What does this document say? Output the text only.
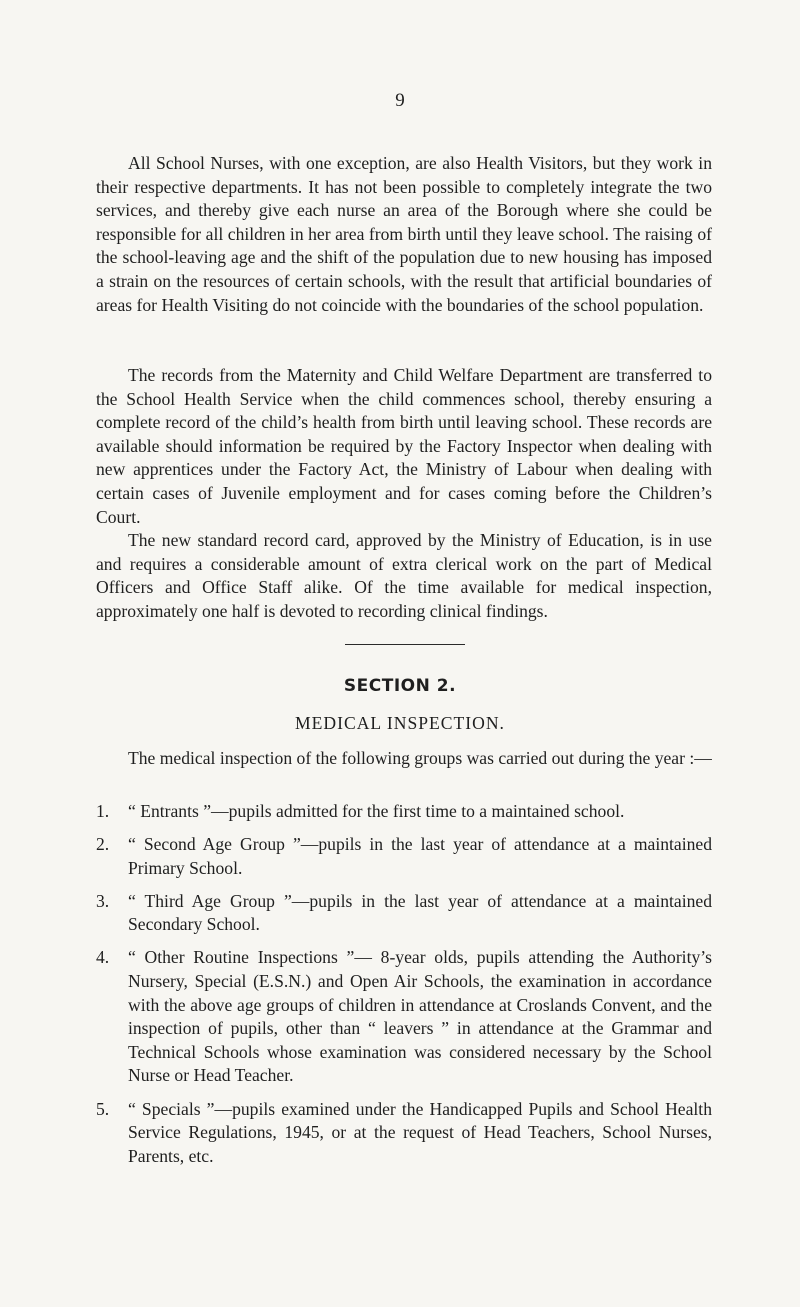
9

All School Nurses, with one exception, are also Health Visitors, but they work in their respective departments. It has not been possible to completely integrate the two services, and thereby give each nurse an area of the Borough where she could be responsible for all children in her area from birth until they leave school. The raising of the school-leaving age and the shift of the population due to new housing has imposed a strain on the resources of certain schools, with the result that artificial boundaries of areas for Health Visiting do not coincide with the boundaries of the school population.

The records from the Maternity and Child Welfare Department are transferred to the School Health Service when the child commences school, thereby ensuring a complete record of the child’s health from birth until leaving school. These records are available should information be required by the Factory Inspector when dealing with new apprentices under the Factory Act, the Ministry of Labour when dealing with certain cases of Juvenile employment and for cases coming before the Children’s Court.

The new standard record card, approved by the Ministry of Education, is in use and requires a considerable amount of extra clerical work on the part of Medical Officers and Office Staff alike. Of the time available for medical inspection, approximately one half is devoted to recording clinical findings.

SECTION 2.
MEDICAL INSPECTION.

The medical inspection of the following groups was carried out during the year :—

1. “ Entrants ”—pupils admitted for the first time to a maintained school.
2. “ Second Age Group ”—pupils in the last year of attendance at a maintained Primary School.
3. “ Third Age Group ”—pupils in the last year of attendance at a maintained Secondary School.
4. “ Other Routine Inspections ”— 8-year olds, pupils attending the Authority’s Nursery, Special (E.S.N.) and Open Air Schools, the examination in accordance with the above age groups of children in attendance at Croslands Convent, and the inspection of pupils, other than “ leavers ” in attendance at the Grammar and Technical Schools whose examination was considered necessary by the School Nurse or Head Teacher.
5. “ Specials ”—pupils examined under the Handicapped Pupils and School Health Service Regulations, 1945, or at the request of Head Teachers, School Nurses, Parents, etc.
